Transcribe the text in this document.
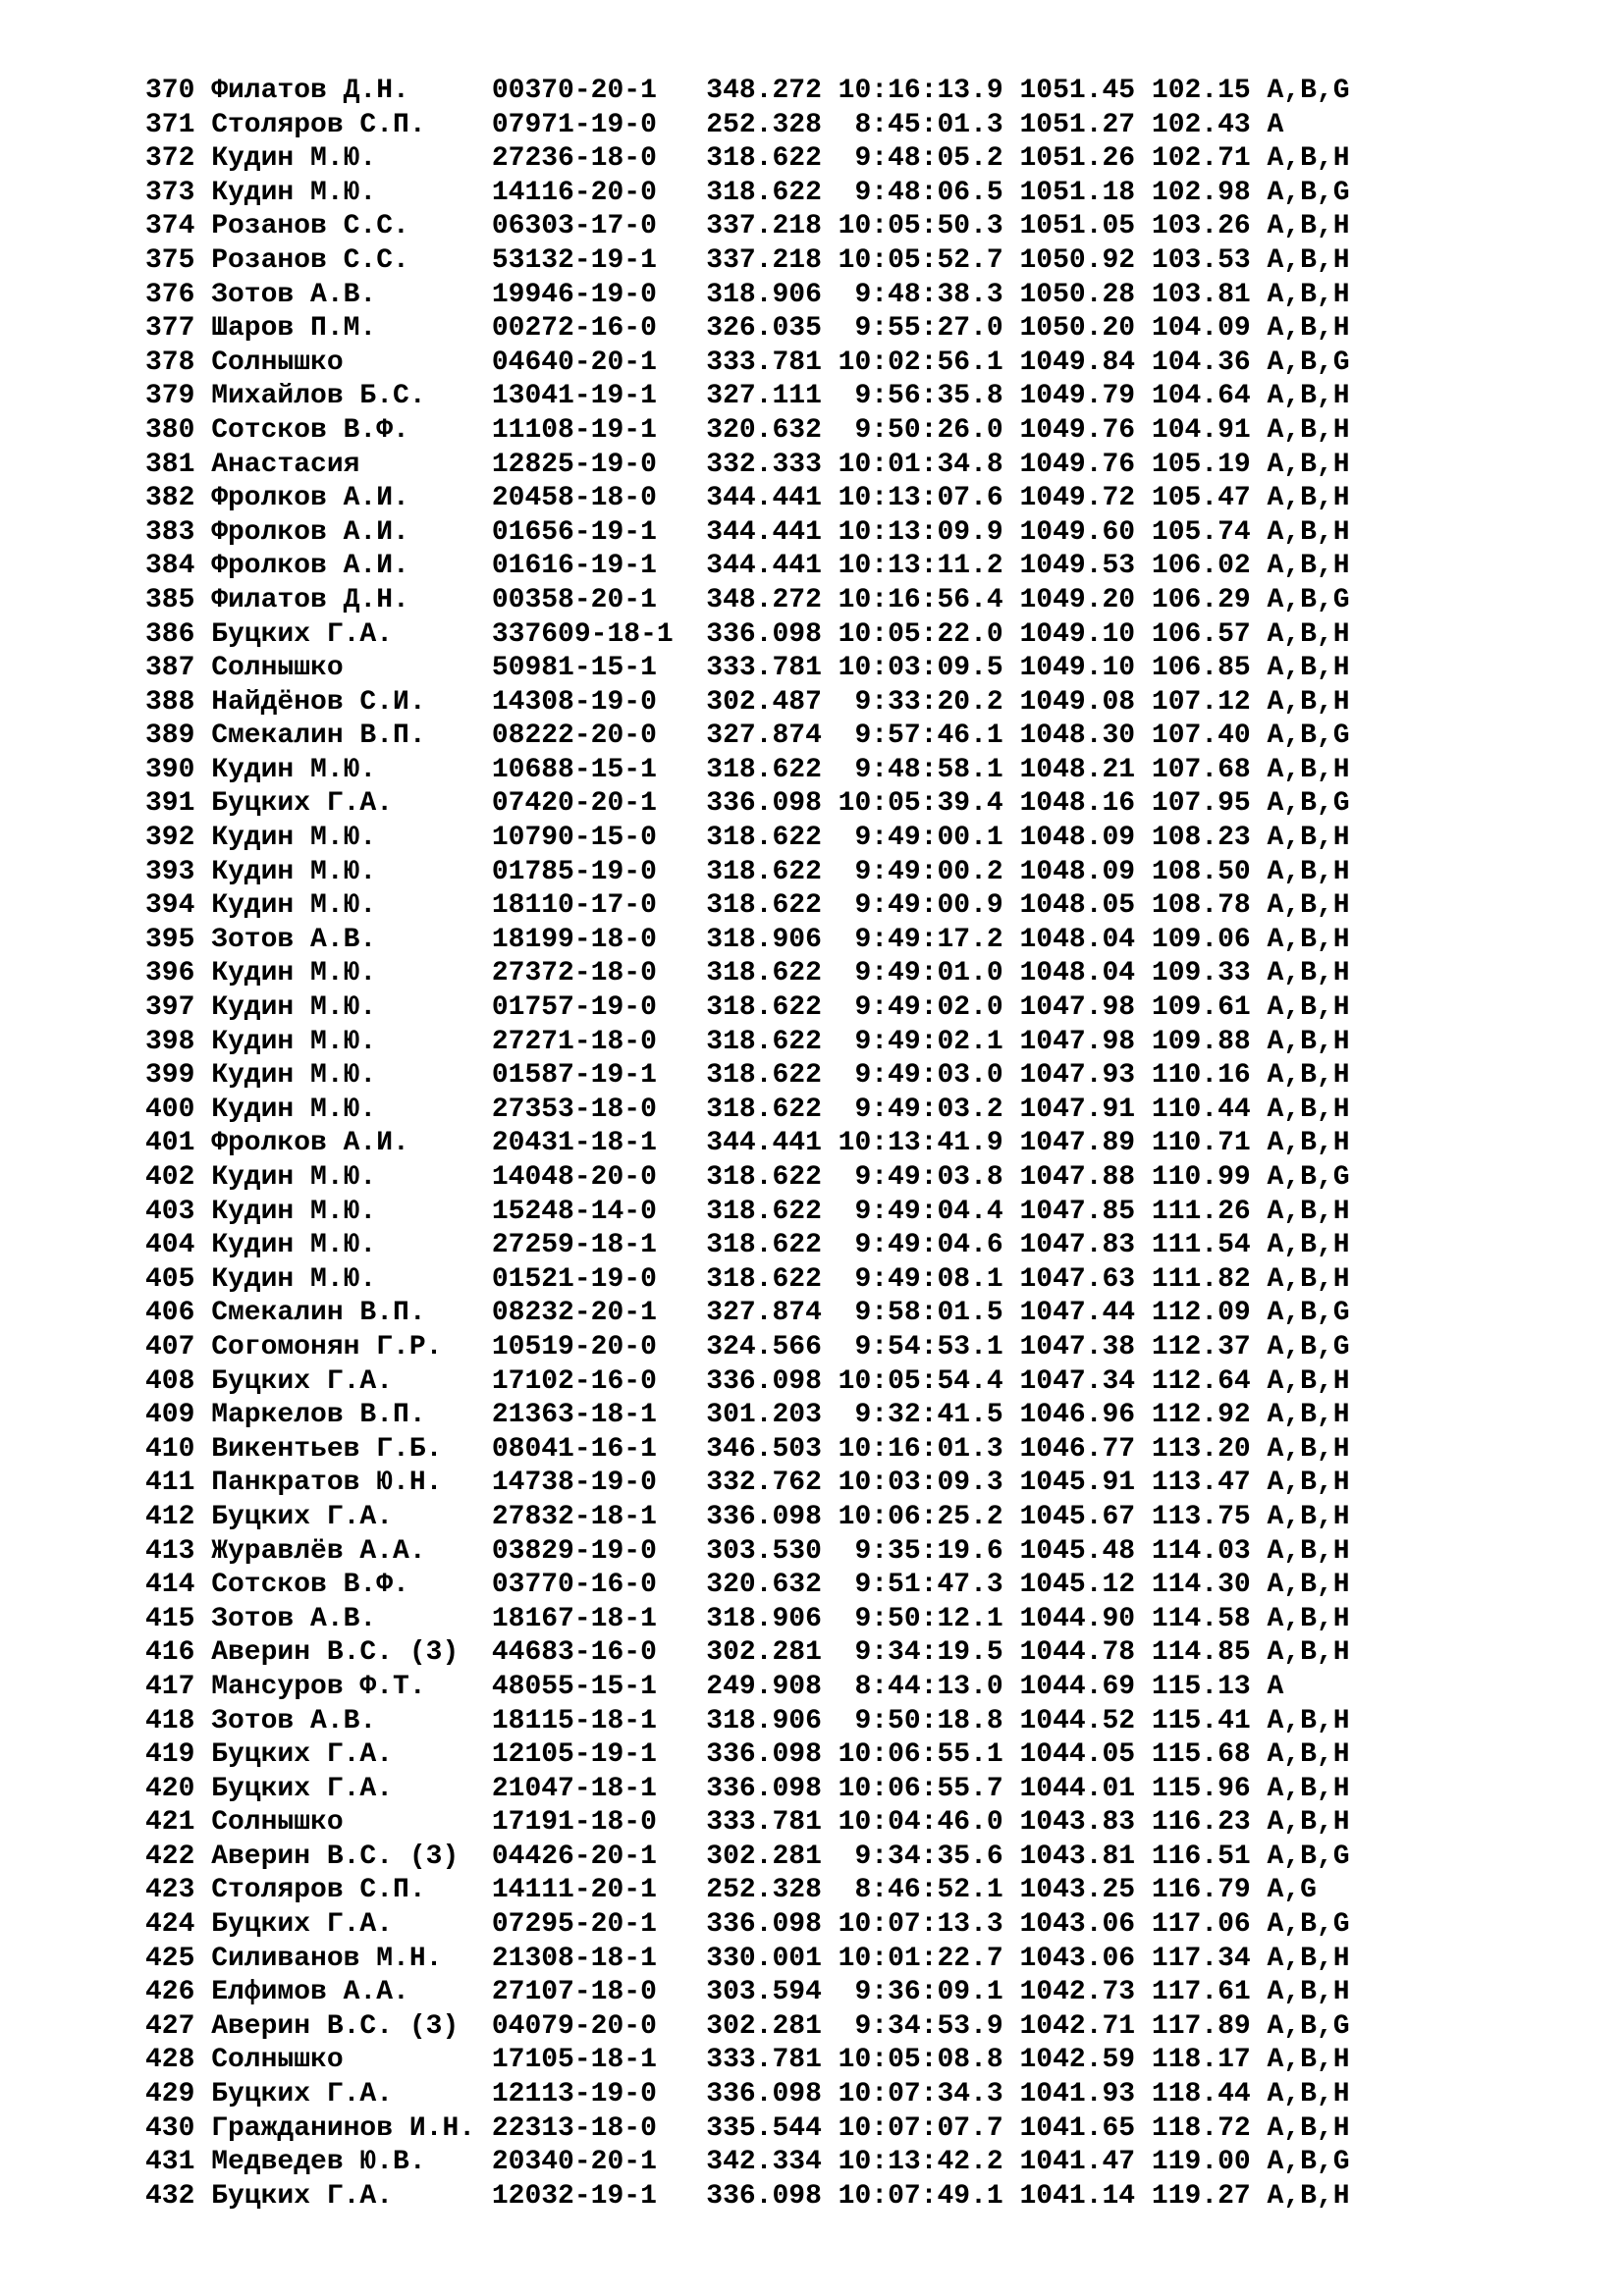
370 Филатов Д.Н.	00370-20-1 348.272 10:16:13.9 1051.45 102.15 A,B,G
371 Столяров С.П. 07971-19-0 252.328 8:45:01.3 1051.27 102.43 A
372 Кудин М.Ю.	27236-18-0 318.622 9:48:05.2 1051.26 102.71 A,B,H
373 Кудин М.Ю.	14116-20-0 318.622 9:48:06.5 1051.18 102.98 A,B,G
374 Розанов С.С.	06303-17-0 337.218 10:05:50.3 1051.05 103.26 A,B,H
375 Розанов С.С.	53132-19-1 337.218 10:05:52.7 1050.92 103.53 A,B,H
376 Зотов А.В.	19946-19-0 318.906 9:48:38.3 1050.28 103.81 A,B,H
377 Шаров П.М.	00272-16-0 326.035 9:55:27.0 1050.20 104.09 A,B,H
378 Солнышко	04640-20-1 333.781 10:02:56.1 1049.84 104.36 A,B,G
379 Михайлов Б.С. 13041-19-1 327.111 9:56:35.8 1049.79 104.64 A,B,H
380 Сотсков В.Ф.	11108-19-1 320.632 9:50:26.0 1049.76 104.91 A,B,H
381 Анастасия	12825-19-0 332.333 10:01:34.8 1049.76 105.19 A,B,H
382 Фролков А.И.	20458-18-0 344.441 10:13:07.6 1049.72 105.47 A,B,H
383 Фролков А.И.	01656-19-1 344.441 10:13:09.9 1049.60 105.74 A,B,H
384 Фролков А.И.	01616-19-1 344.441 10:13:11.2 1049.53 106.02 A,B,H
385 Филатов Д.Н.	00358-20-1 348.272 10:16:56.4 1049.20 106.29 A,B,G
386 Буцких Г.А.	337609-18-1 336.098 10:05:22.0 1049.10 106.57 A,B,H
387 Солнышко	50981-15-1 333.781 10:03:09.5 1049.10 106.85 A,B,H
388 Найдёнов С.И. 14308-19-0 302.487 9:33:20.2 1049.08 107.12 A,B,H
389 Смекалин В.П. 08222-20-0 327.874 9:57:46.1 1048.30 107.40 A,B,G
390 Кудин М.Ю.	10688-15-1 318.622 9:48:58.1 1048.21 107.68 A,B,H
391 Буцких Г.А.	07420-20-1 336.098 10:05:39.4 1048.16 107.95 A,B,G
392 Кудин М.Ю.	10790-15-0 318.622 9:49:00.1 1048.09 108.23 A,B,H
393 Кудин М.Ю.	01785-19-0 318.622 9:49:00.2 1048.09 108.50 A,B,H
394 Кудин М.Ю.	18110-17-0 318.622 9:49:00.9 1048.05 108.78 A,B,H
395 Зотов А.В.	18199-18-0 318.906 9:49:17.2 1048.04 109.06 A,B,H
396 Кудин М.Ю.	27372-18-0 318.622 9:49:01.0 1048.04 109.33 A,B,H
397 Кудин М.Ю.	01757-19-0 318.622 9:49:02.0 1047.98 109.61 A,B,H
398 Кудин М.Ю.	27271-18-0 318.622 9:49:02.1 1047.98 109.88 A,B,H
399 Кудин М.Ю.	01587-19-1 318.622 9:49:03.0 1047.93 110.16 A,B,H
400 Кудин М.Ю.	27353-18-0 318.622 9:49:03.2 1047.91 110.44 A,B,H
401 Фролков А.И.	20431-18-1 344.441 10:13:41.9 1047.89 110.71 A,B,H
402 Кудин М.Ю.	14048-20-0 318.622 9:49:03.8 1047.88 110.99 A,B,G
403 Кудин М.Ю.	15248-14-0 318.622 9:49:04.4 1047.85 111.26 A,B,H
404 Кудин М.Ю.	27259-18-1 318.622 9:49:04.6 1047.83 111.54 A,B,H
405 Кудин М.Ю.	01521-19-0 318.622 9:49:08.1 1047.63 111.82 A,B,H
406 Смекалин В.П. 08232-20-1 327.874 9:58:01.5 1047.44 112.09 A,B,G
407 Согомонян Г.Р. 10519-20-0 324.566 9:54:53.1 1047.38 112.37 A,B,G
408 Буцких Г.А.	17102-16-0 336.098 10:05:54.4 1047.34 112.64 A,B,H
409 Маркелов В.П. 21363-18-1 301.203 9:32:41.5 1046.96 112.92 A,B,H
410 Викентьев Г.Б. 08041-16-1 346.503 10:16:01.3 1046.77 113.20 A,B,H
411 Панкратов Ю.Н. 14738-19-0 332.762 10:03:09.3 1045.91 113.47 A,B,H
412 Буцких Г.А.	27832-18-1 336.098 10:06:25.2 1045.67 113.75 A,B,H
413 Журавлёв А.А. 03829-19-0 303.530 9:35:19.6 1045.48 114.03 A,B,H
414 Сотсков В.Ф.	03770-16-0 320.632 9:51:47.3 1045.12 114.30 A,B,H
415 Зотов А.В.	18167-18-1 318.906 9:50:12.1 1044.90 114.58 A,B,H
416 Аверин В.С. (3) 44683-16-0 302.281 9:34:19.5 1044.78 114.85 A,B,H
417 Мансуров Ф.Т. 48055-15-1 249.908 8:44:13.0 1044.69 115.13 A
418 Зотов А.В.	18115-18-1 318.906 9:50:18.8 1044.52 115.41 A,B,H
419 Буцких Г.А.	12105-19-1 336.098 10:06:55.1 1044.05 115.68 A,B,H
420 Буцких Г.А.	21047-18-1 336.098 10:06:55.7 1044.01 115.96 A,B,H
421 Солнышко	17191-18-0 333.781 10:04:46.0 1043.83 116.23 A,B,H
422 Аверин В.С. (3) 04426-20-1 302.281 9:34:35.6 1043.81 116.51 A,B,G
423 Столяров С.П. 14111-20-1 252.328 8:46:52.1 1043.25 116.79 A,G
424 Буцких Г.А.	07295-20-1 336.098 10:07:13.3 1043.06 117.06 A,B,G
425 Силиванов М.Н. 21308-18-1 330.001 10:01:22.7 1043.06 117.34 A,B,H
426 Елфимов А.А.	27107-18-0 303.594 9:36:09.1 1042.73 117.61 A,B,H
427 Аверин В.С. (3) 04079-20-0 302.281 9:34:53.9 1042.71 117.89 A,B,G
428 Солнышко	17105-18-1 333.781 10:05:08.8 1042.59 118.17 A,B,H
429 Буцких Г.А.	12113-19-0 336.098 10:07:34.3 1041.93 118.44 A,B,H
430 Гражданинов И.Н. 22313-18-0 335.544 10:07:07.7 1041.65 118.72 A,B,H
431 Медведев Ю.В. 20340-20-1 342.334 10:13:42.2 1041.47 119.00 A,B,G
432 Буцких Г.А.	12032-19-1 336.098 10:07:49.1 1041.14 119.27 A,B,H
